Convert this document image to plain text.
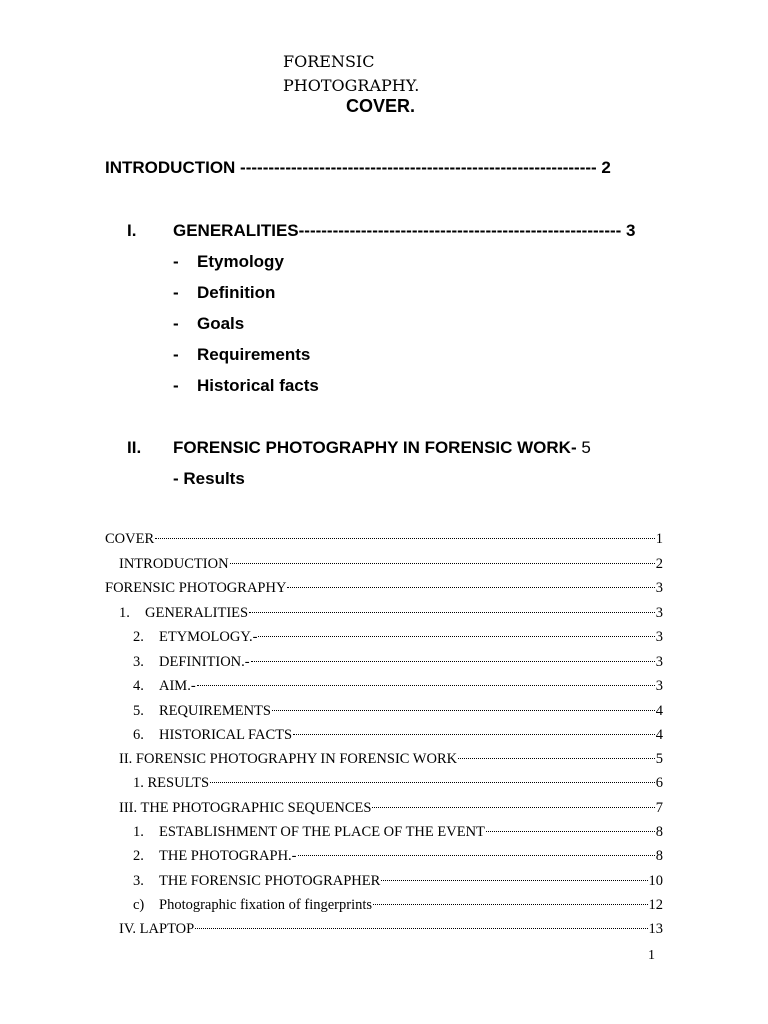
FORENSIC
PHOTOGRAPHY.
COVER.
INTRODUCTION --------------------------------------------------------------- 2
I. GENERALITIES--------------------------------------------------------- 3
- Etymology
- Definition
- Goals
- Requirements
- Historical facts
II. FORENSIC PHOTOGRAPHY IN FORENSIC WORK- 5
- Results
COVER	1
INTRODUCTION	2
FORENSIC PHOTOGRAPHY	3
1.	GENERALITIES	3
2.	ETYMOLOGY.-	3
3.	DEFINITION.-	3
4.	AIM.-	3
5.	REQUIREMENTS	4
6.	HISTORICAL FACTS	4
II. FORENSIC PHOTOGRAPHY IN FORENSIC WORK	5
1. RESULTS	6
III. THE PHOTOGRAPHIC SEQUENCES	7
1.	ESTABLISHMENT OF THE PLACE OF THE EVENT	8
2.	THE PHOTOGRAPH.-	8
3.	THE FORENSIC PHOTOGRAPHER	10
c)	Photographic fixation of fingerprints	12
IV. LAPTOP	13
1
